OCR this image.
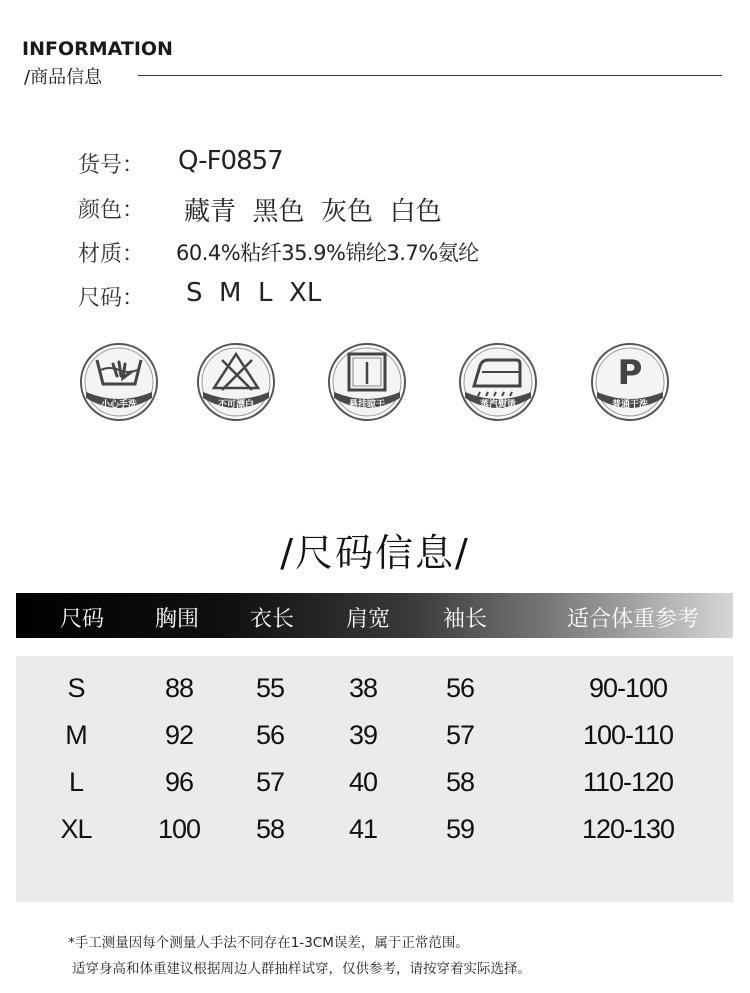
INFORMATION
/商品信息
货号：	Q-F0857
颜色：	藏青  黑色  灰色  白色
材质：	60.4%粘纤35.9%锦纶3.7%氨纶
尺码：	S  M  L  XL
小心手洗	不可漂白	悬挂晾干	蒸汽熨烫
P
普通干洗
/尺码信息/
尺码	胸围	衣长	肩宽	袖长	适合体重参考
S	88	55	38	56	90-100
M	92	56	39	57	100-110
L	96	57	40	58	110-120
XL	100	58	41	59	120-130
*手工测量因每个测量人手法不同存在1-3CM误差，属于正常范围。
适穿身高和体重建议根据周边人群抽样试穿，仅供参考，请按穿着实际选择。
